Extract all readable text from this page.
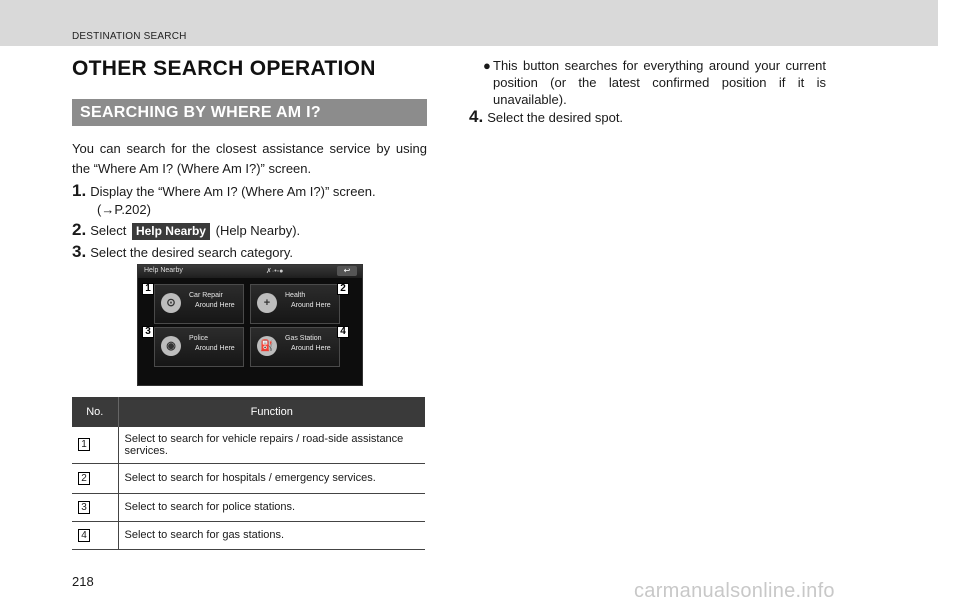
DESTINATION SEARCH
OTHER SEARCH OPERATION
SEARCHING BY WHERE AM I?

You can search for the closest assistance service by using the “Where Am I? (Where Am I?)” screen.

1. Display the “Where Am I? (Where Am I?)” screen.
(→P.202)
2. Select Help Nearby (Help Nearby).
3. Select the desired search category.
Help Nearby	✗·•◦●	↩
⊙
Car Repair
Around Here	+
Health
Around Here
◉
Police
Around Here ⛽
Gas Station
Around Here
1	2
3	4
No.	Function
1	Select to search for vehicle repairs / road-side assistance services.
2	Select to search for hospitals / emergency services.
3	Select to search for police stations.
4	Select to search for gas stations.
218
● This button searches for everything around your current position (or the latest confirmed position if it is unavailable).
4. Select the desired spot.
carmanualsonline.info
